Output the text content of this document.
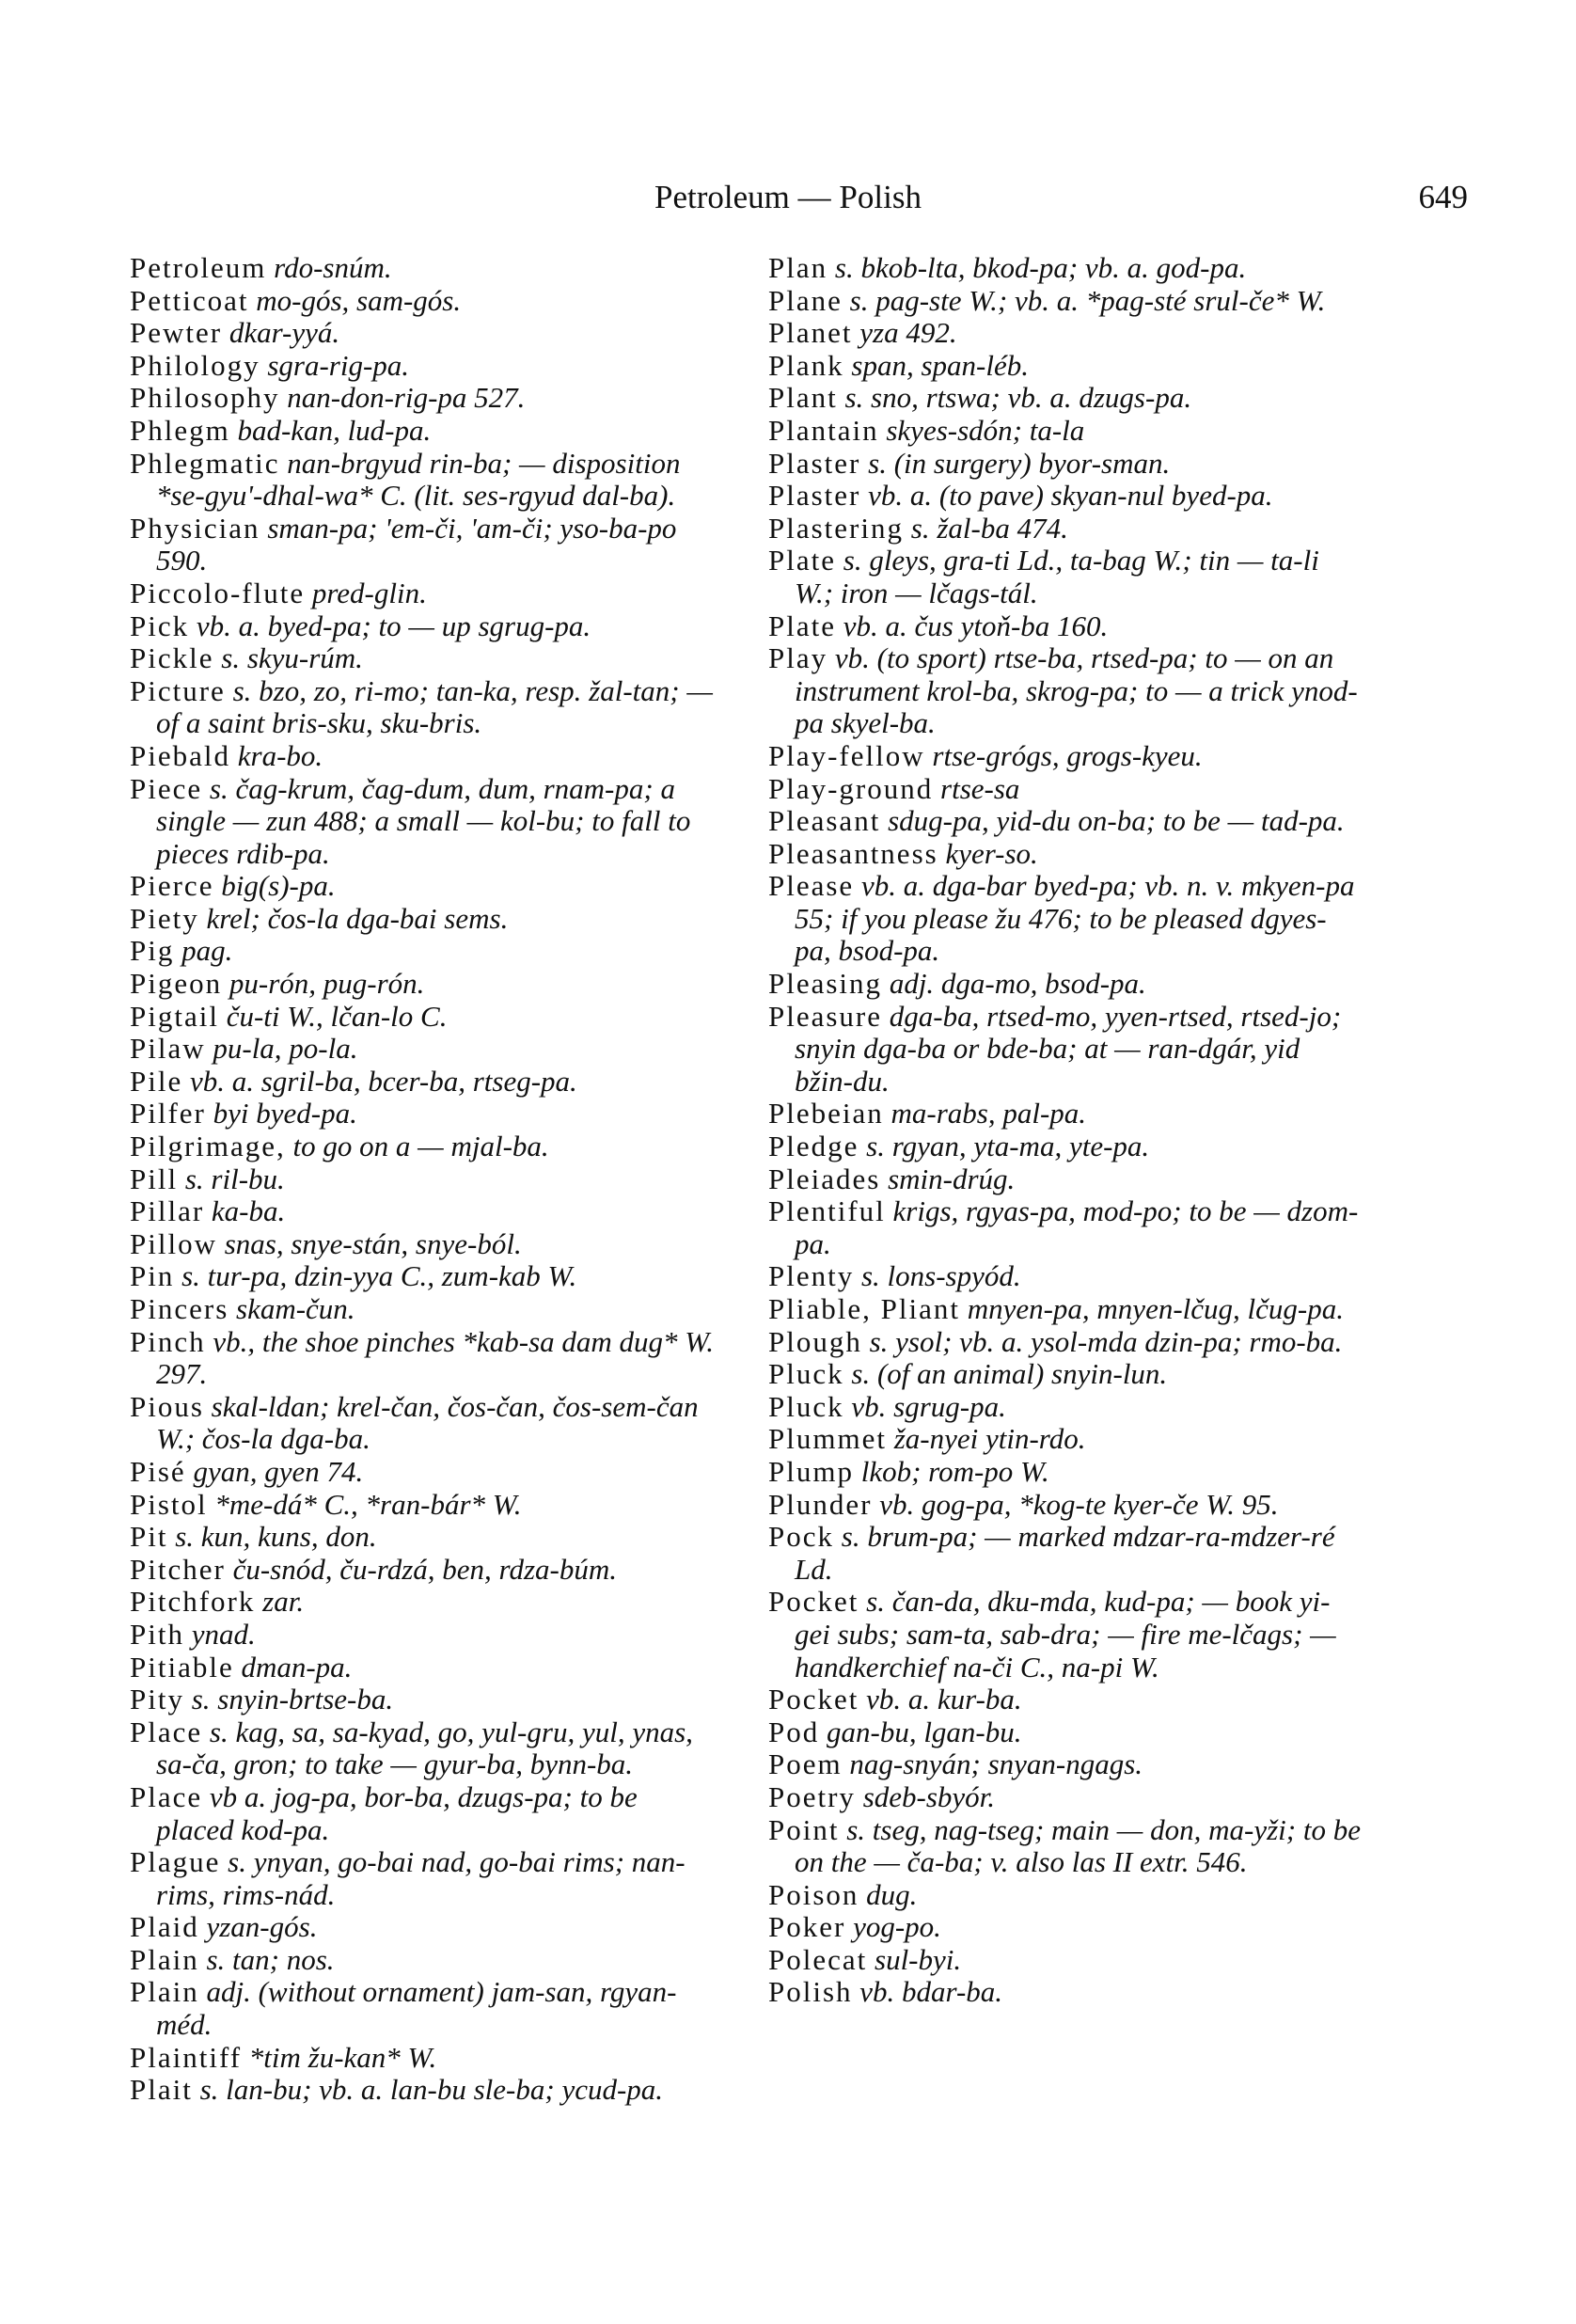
Petroleum — Polish	649
Petroleum rdo-snúm.
Petticoat mo-gós, sam-gós.
Pewter dkar-yyá.
Philology sgra-rig-pa.
Philosophy nan-don-rig-pa 527.
Phlegm bad-kan, lud-pa.
Phlegmatic nan-brgyud rin-ba; — disposition *se-gyu'-dhal-wa* C. (lit. ses-rgyud dal-ba).
Physician sman-pa; 'em-či, 'am-či; yso-ba-po 590.
Piccolo-flute pred-glin.
Pick vb. a. byed-pa; to — up sgrug-pa.
Pickle s. skyu-rúm.
Picture s. bzo, zo, ri-mo; tan-ka, resp. žal-tan; — of a saint bris-sku, sku-bris.
Piebald kra-bo.
Piece s. čag-krum, čag-dum, dum, rnam-pa; a single — zun 488; a small — kol-bu; to fall to pieces rdib-pa.
Pierce big(s)-pa.
Piety krel; čos-la dga-bai sems.
Pig pag.
Pigeon pu-rón, pug-rón.
Pigtail ču-ti W., lčan-lo C.
Pilaw pu-la, po-la.
Pile vb. a. sgril-ba, bcer-ba, rtseg-pa.
Pilfer byi byed-pa.
Pilgrimage, to go on a — mjal-ba.
Pill s. ril-bu.
Pillar ka-ba.
Pillow snas, snye-stán, snye-ból.
Pin s. tur-pa, dzin-yya C., zum-kab W.
Pincers skam-čun.
Pinch vb., the shoe pinches *kab-sa dam dug* W. 297.
Pious skal-ldan; krel-čan, čos-čan, čos-sem-čan W.; čos-la dga-ba.
Pisé gyan, gyen 74.
Pistol *me-dá* C., *ran-bár* W.
Pit s. kun, kuns, don.
Pitcher ču-snód, ču-rdzá, ben, rdza-búm.
Pitchfork zar.
Pith ynad.
Pitiable dman-pa.
Pity s. snyin-brtse-ba.
Place s. kag, sa, sa-kyad, go, yul-gru, yul, ynas, sa-ča, gron; to take — gyur-ba, bynn-ba.
Place vb a. jog-pa, bor-ba, dzugs-pa; to be placed kod-pa.
Plague s. ynyan, go-bai nad, go-bai rims; nan-rims, rims-nád.
Plaid yzan-gós.
Plain s. tan; nos.
Plain adj. (without ornament) jam-san, rgyan-méd.
Plaintiff *tim žu-kan* W.
Plait s. lan-bu; vb. a. lan-bu sle-ba; ycud-pa.
Plan s. bkob-lta, bkod-pa; vb. a. god-pa.
Plane s. pag-ste W.; vb. a. *pag-sté srul-če* W.
Planet yza 492.
Plank span, span-léb.
Plant s. sno, rtswa; vb. a. dzugs-pa.
Plantain skyes-sdón; ta-la
Plaster s. (in surgery) byor-sman.
Plaster vb. a. (to pave) skyan-nul byed-pa.
Plastering s. žal-ba 474.
Plate s. gleys, gra-ti Ld., ta-bag W.; tin — ta-li W.; iron — lčags-tál.
Plate vb. a. čus ytoň-ba 160.
Play vb. (to sport) rtse-ba, rtsed-pa; to — on an instrument krol-ba, skrog-pa; to — a trick ynod-pa skyel-ba.
Play-fellow rtse-grógs, grogs-kyeu.
Play-ground rtse-sa
Pleasant sdug-pa, yid-du on-ba; to be — tad-pa.
Pleasantness kyer-so.
Please vb. a. dga-bar byed-pa; vb. n. v. mkyen-pa 55; if you please žu 476; to be pleased dgyes-pa, bsod-pa.
Pleasing adj. dga-mo, bsod-pa.
Pleasure dga-ba, rtsed-mo, yyen-rtsed, rtsed-jo; snyin dga-ba or bde-ba; at — ran-dgár, yid bžin-du.
Plebeian ma-rabs, pal-pa.
Pledge s. rgyan, yta-ma, yte-pa.
Pleiades smin-drúg.
Plentiful krigs, rgyas-pa, mod-po; to be — dzom-pa.
Plenty s. lons-spyód.
Pliable, Pliant mnyen-pa, mnyen-lčug, lčug-pa.
Plough s. ysol; vb. a. ysol-mda dzin-pa; rmo-ba.
Pluck s. (of an animal) snyin-lun.
Pluck vb. sgrug-pa.
Plummet ža-nyei ytin-rdo.
Plump lkob; rom-po W.
Plunder vb. gog-pa, *kog-te kyer-če W. 95.
Pock s. brum-pa; — marked mdzar-ra-mdzer-ré Ld.
Pocket s. čan-da, dku-mda, kud-pa; — book yi-gei subs; sam-ta, sab-dra; — fire me-lčags; — handkerchief na-či C., na-pi W.
Pocket vb. a. kur-ba.
Pod gan-bu, lgan-bu.
Poem nag-snyán; snyan-ngags.
Poetry sdeb-sbyór.
Point s. tseg, nag-tseg; main — don, ma-yži; to be on the — ča-ba; v. also las II extr. 546.
Poison dug.
Poker yog-po.
Polecat sul-byi.
Polish vb. bdar-ba.
